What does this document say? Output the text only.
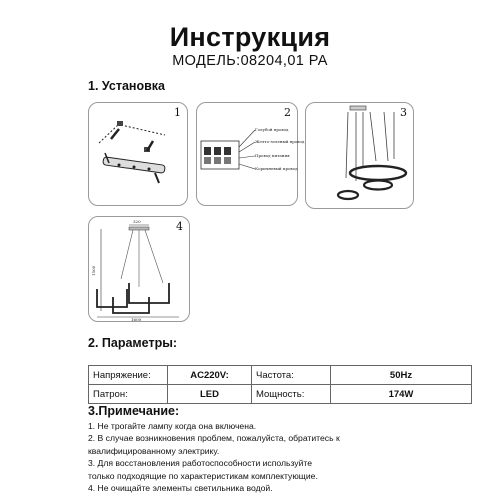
Инструкция
МОДЕЛЬ:08204,01 PA
1. Установка
1	2
Голубой провод
Желто-зеленый провод
Провод питания
Коричневый провод
3
4
320
1500
1600
2. Параметры:
Напряжение:	AC220V:	Частота:	50Hz
Патрон:	LED	Мощность:	174W
3.Примечание:
1. Не трогайте лампу когда она включена.
2. В случае возникновения проблем, пожалуйста, обратитесь к
квалифицированному электрику.
3. Для восстановления работоспособности используйте
только подходящие по характеристикам комплектующие.
4. Не очищайте элементы светильника водой.
